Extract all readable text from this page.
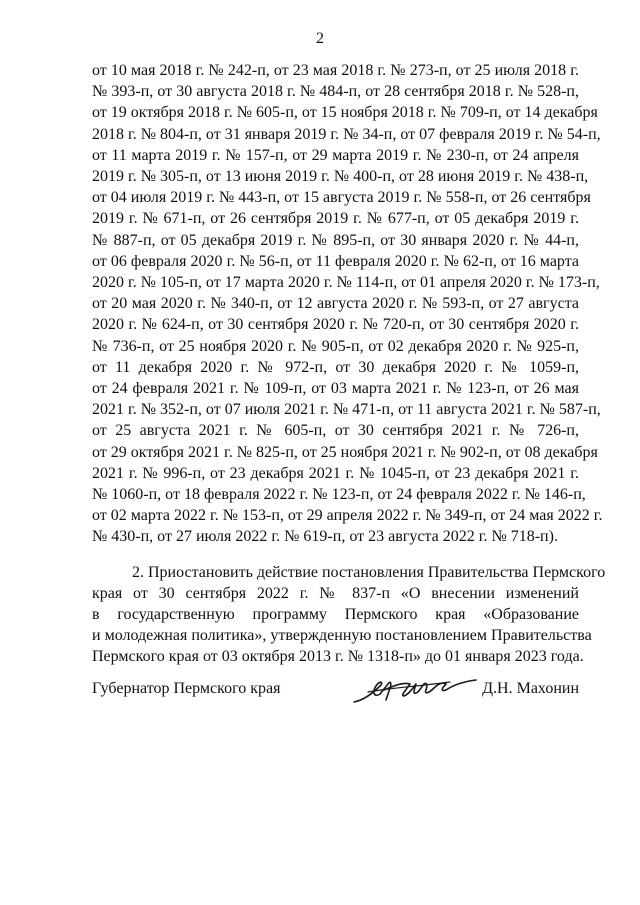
2

от 10 мая 2018 г. № 242-п, от 23 мая 2018 г. № 273-п, от 25 июля 2018 г.
№ 393-п, от 30 августа 2018 г. № 484-п, от 28 сентября 2018 г. № 528-п,
от 19 октября 2018 г. № 605-п, от 15 ноября 2018 г. № 709-п, от 14 декабря
2018 г. № 804-п, от 31 января 2019 г. № 34-п, от 07 февраля 2019 г. № 54-п,
от 11 марта 2019 г. № 157-п, от 29 марта 2019 г. № 230-п, от 24 апреля
2019 г. № 305-п, от 13 июня 2019 г. № 400-п, от 28 июня 2019 г. № 438-п,
от 04 июля 2019 г. № 443-п, от 15 августа 2019 г. № 558-п, от 26 сентября
2019 г. № 671-п, от 26 сентября 2019 г. № 677-п, от 05 декабря 2019 г.
№ 887-п, от 05 декабря 2019 г. № 895-п, от 30 января 2020 г. № 44-п,
от 06 февраля 2020 г. № 56-п, от 11 февраля 2020 г. № 62-п, от 16 марта
2020 г. № 105-п, от 17 марта 2020 г. № 114-п, от 01 апреля 2020 г. № 173-п,
от 20 мая 2020 г. № 340-п, от 12 августа 2020 г. № 593-п, от 27 августа
2020 г. № 624-п, от 30 сентября 2020 г. № 720-п, от 30 сентября 2020 г.
№ 736-п, от 25 ноября 2020 г. № 905-п, от 02 декабря 2020 г. № 925-п,
от 11 декабря 2020 г. № 972-п, от 30 декабря 2020 г. № 1059-п,
от 24 февраля 2021 г. № 109-п, от 03 марта 2021 г. № 123-п, от 26 мая
2021 г. № 352-п, от 07 июля 2021 г. № 471-п, от 11 августа 2021 г. № 587-п,
от 25 августа 2021 г. № 605-п, от 30 сентября 2021 г. № 726-п,
от 29 октября 2021 г. № 825-п, от 25 ноября 2021 г. № 902-п, от 08 декабря
2021 г. № 996-п, от 23 декабря 2021 г. № 1045-п, от 23 декабря 2021 г.
№ 1060-п, от 18 февраля 2022 г. № 123-п, от 24 февраля 2022 г. № 146-п,
от 02 марта 2022 г. № 153-п, от 29 апреля 2022 г. № 349-п, от 24 мая 2022 г.
№ 430-п, от 27 июля 2022 г. № 619-п, от 23 августа 2022 г. № 718-п).

2. Приостановить действие постановления Правительства Пермского
края от 30 сентября 2022 г. № 837-п «О внесении изменений
в государственную программу Пермского края «Образование
и молодежная политика», утвержденную постановлением Правительства
Пермского края от 03 октября 2013 г. № 1318-п» до 01 января 2023 года.

Губернатор Пермского края	Д.Н. Махонин
